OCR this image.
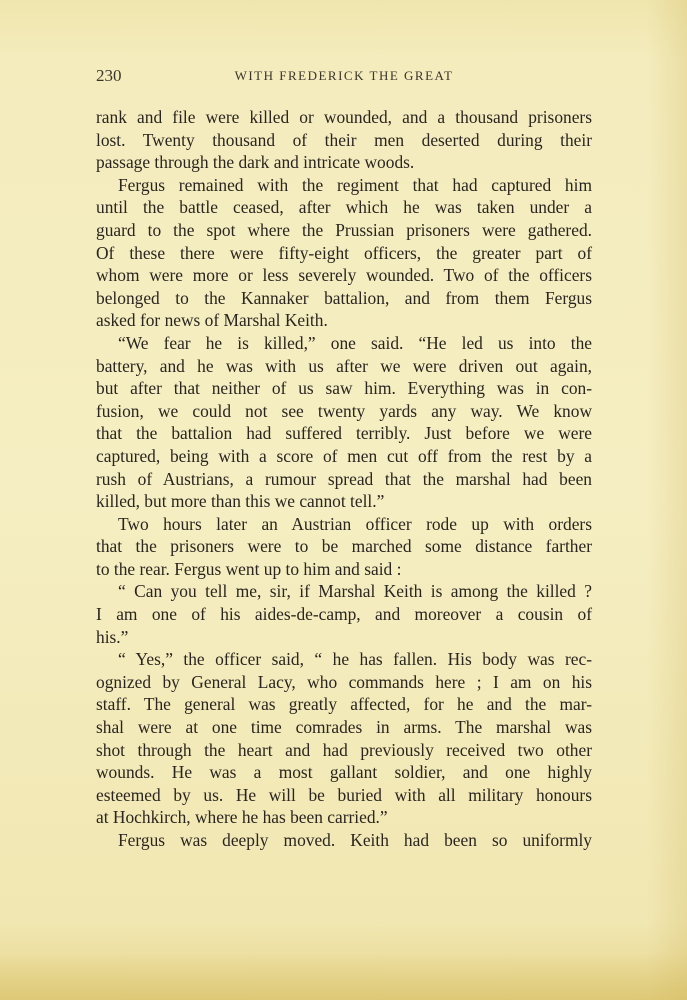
230	WITH FREDERICK THE GREAT
rank and file were killed or wounded, and a thousand prisoners
lost. Twenty thousand of their men deserted during their
passage through the dark and intricate woods.
Fergus remained with the regiment that had captured him
until the battle ceased, after which he was taken under a
guard to the spot where the Prussian prisoners were gathered.
Of these there were fifty-eight officers, the greater part of
whom were more or less severely wounded. Two of the officers
belonged to the Kannaker battalion, and from them Fergus
asked for news of Marshal Keith.
“We fear he is killed,” one said. “He led us into the
battery, and he was with us after we were driven out again,
but after that neither of us saw him. Everything was in con-
fusion, we could not see twenty yards any way. We know
that the battalion had suffered terribly. Just before we were
captured, being with a score of men cut off from the rest by a
rush of Austrians, a rumour spread that the marshal had been
killed, but more than this we cannot tell.”
Two hours later an Austrian officer rode up with orders
that the prisoners were to be marched some distance farther
to the rear. Fergus went up to him and said :
“ Can you tell me, sir, if Marshal Keith is among the killed ?
I am one of his aides-de-camp, and moreover a cousin of
his.”
“ Yes,” the officer said, “ he has fallen. His body was rec-
ognized by General Lacy, who commands here ; I am on his
staff. The general was greatly affected, for he and the mar-
shal were at one time comrades in arms. The marshal was
shot through the heart and had previously received two other
wounds. He was a most gallant soldier, and one highly
esteemed by us. He will be buried with all military honours
at Hochkirch, where he has been carried.”
Fergus was deeply moved. Keith had been so uniformly
